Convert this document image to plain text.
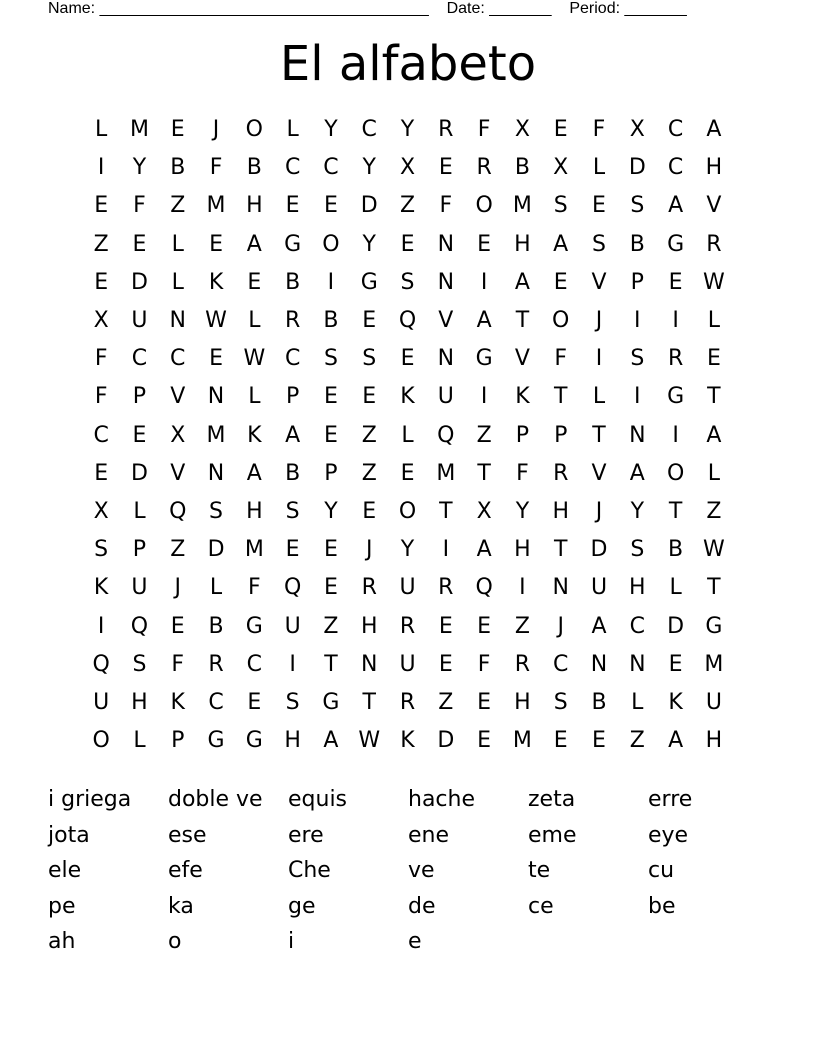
Name: _____________________________________    Date: _______    Period: _______
El alfabeto
L	M E	J	O	L	Y	C	Y	R	F	X	E	F	X	C	A
I	Y	B	F	B	C	C	Y	X	E	R	B	X	L	D	C	H
E	F	Z M H	E	E	D	Z	F	O M S	E	S	A	V
Z	E	L	E	A	G O	Y	E	N	E	H	A	S	B	G	R
E	D	L	K	E	B	I	G	S	N	I	A	E	V	P	E W
X	U	N W L	R	B	E	Q	V	A	T	O	J	I	I	L
F	C	C	E W C	S	S	E	N G	V	F	I	S	R	E
F	P	V	N	L	P	E	E	K	U	I	K	T	L	I	G	T
C	E	X M K	A	E	Z	L	Q	Z	P	P	T	N	I	A
E	D	V	N	A	B	P	Z	E M	T	F	R	V	A	O	L
X	L	Q	S	H	S	Y	E	O	T	X	Y	H	J	Y	T	Z
S	P	Z	D M E	E	J	Y	I	A	H	T	D	S	B W
K	U	J	L	F	Q	E	R	U	R Q	I	N	U H	L	T
I	Q	E	B	G U	Z	H	R	E	E	Z	J	A	C	D G
Q	S	F	R	C	I	T	N	U	E	F	R	C	N N	E M
U H	K	C	E	S	G	T	R	Z	E	H	S	B	L	K	U
O	L	P	G G H	A W K	D	E M E	E	Z	A	H
i griega	doble ve	equis	hache	zeta	erre
jota	ese	ere	ene	eme	eye
ele	efe	Che	ve	te	cu
pe	ka	ge	de	ce	be
ah	o	i	e
